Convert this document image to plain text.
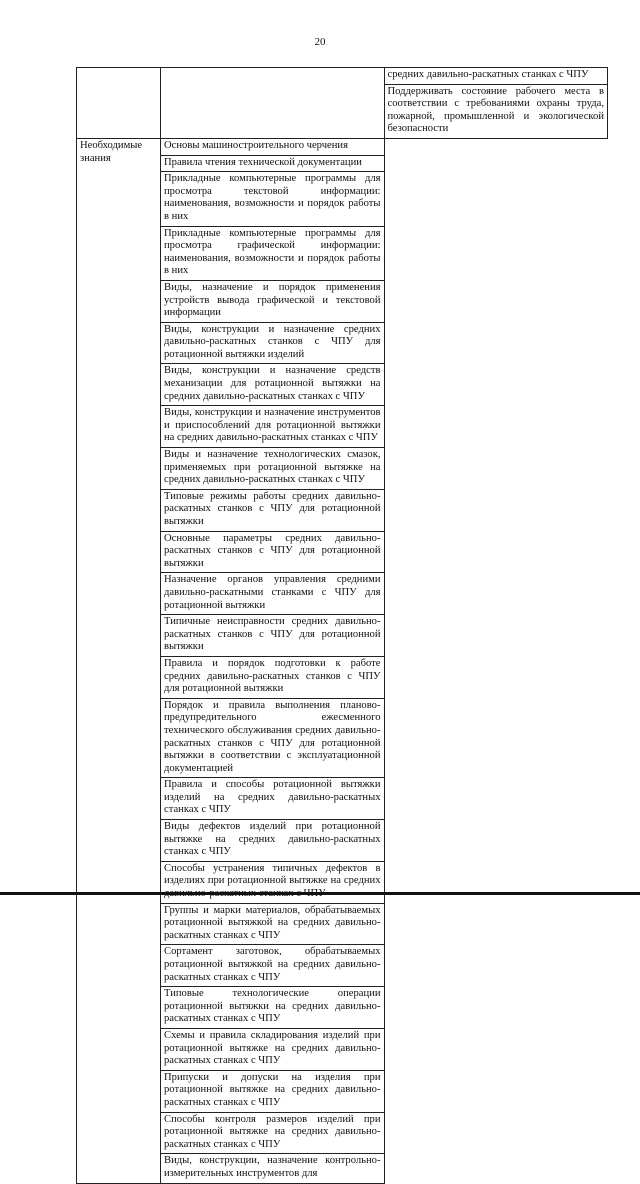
20
		средних давильно-раскатных станках с ЧПУ
		Поддерживать состояние рабочего места в соответствии с требованиями охраны труда, пожарной, промышленной и экологической безопасности
Необходимые знания	Основы машиностроительного черчения	
	Правила чтения технической документации	
	Прикладные компьютерные программы для просмотра текстовой информации: наименования, возможности и порядок работы в них	
	Прикладные компьютерные программы для просмотра графической информации: наименования, возможности и порядок работы в них	
	Виды, назначение и порядок применения устройств вывода графической и текстовой информации	
	Виды, конструкции и назначение средних давильно-раскатных станков с ЧПУ для ротационной вытяжки изделий	
	Виды, конструкции и назначение средств механизации для ротационной вытяжки на средних давильно-раскатных станках с ЧПУ	
	Виды, конструкции и назначение инструментов и приспособлений для ротационной вытяжки на средних давильно-раскатных станках с ЧПУ	
	Виды и назначение технологических смазок, применяемых при ротационной вытяжке на средних давильно-раскатных станках с ЧПУ	
	Типовые режимы работы средних давильно-раскатных станков с ЧПУ для ротационной вытяжки	
	Основные параметры средних давильно-раскатных станков с ЧПУ для ротационной вытяжки	
	Назначение органов управления средними давильно-раскатными станками с ЧПУ для ротационной вытяжки	
	Типичные неисправности средних давильно-раскатных станков с ЧПУ для ротационной вытяжки	
	Правила и порядок подготовки к работе средних давильно-раскатных станков с ЧПУ для ротационной вытяжки	
	Порядок и правила выполнения планово-предупредительного ежесменного технического обслуживания средних давильно-раскатных станков с ЧПУ для ротационной вытяжки в соответствии с эксплуатационной документацией	
	Правила и способы ротационной вытяжки изделий на средних давильно-раскатных станках с ЧПУ	
	Виды дефектов изделий при ротационной вытяжке на средних давильно-раскатных станках с ЧПУ	
	Способы устранения типичных дефектов в изделиях при ротационной вытяжке на средних	
	Группы и марки материалов, обрабатываемых ротационной вытяжкой на средних давильно-раскатных станках с ЧПУ	
	Сортамент заготовок, обрабатываемых ротационной вытяжкой на средних давильно-раскатных станках с ЧПУ	
	Типовые технологические операции ротационной вытяжки на средних давильно-раскатных станках с ЧПУ	
	Схемы и правила складирования изделий при ротационной вытяжке на средних давильно-раскатных станках с ЧПУ	
	Припуски и допуски на изделия при ротационной вытяжке на средних давильно-раскатных станках с ЧПУ	
	Способы контроля размеров изделий при ротационной вытяжке на средних давильно-раскатных станках с ЧПУ	
	Виды, конструкции, назначение контрольно-измерительных инструментов для	
